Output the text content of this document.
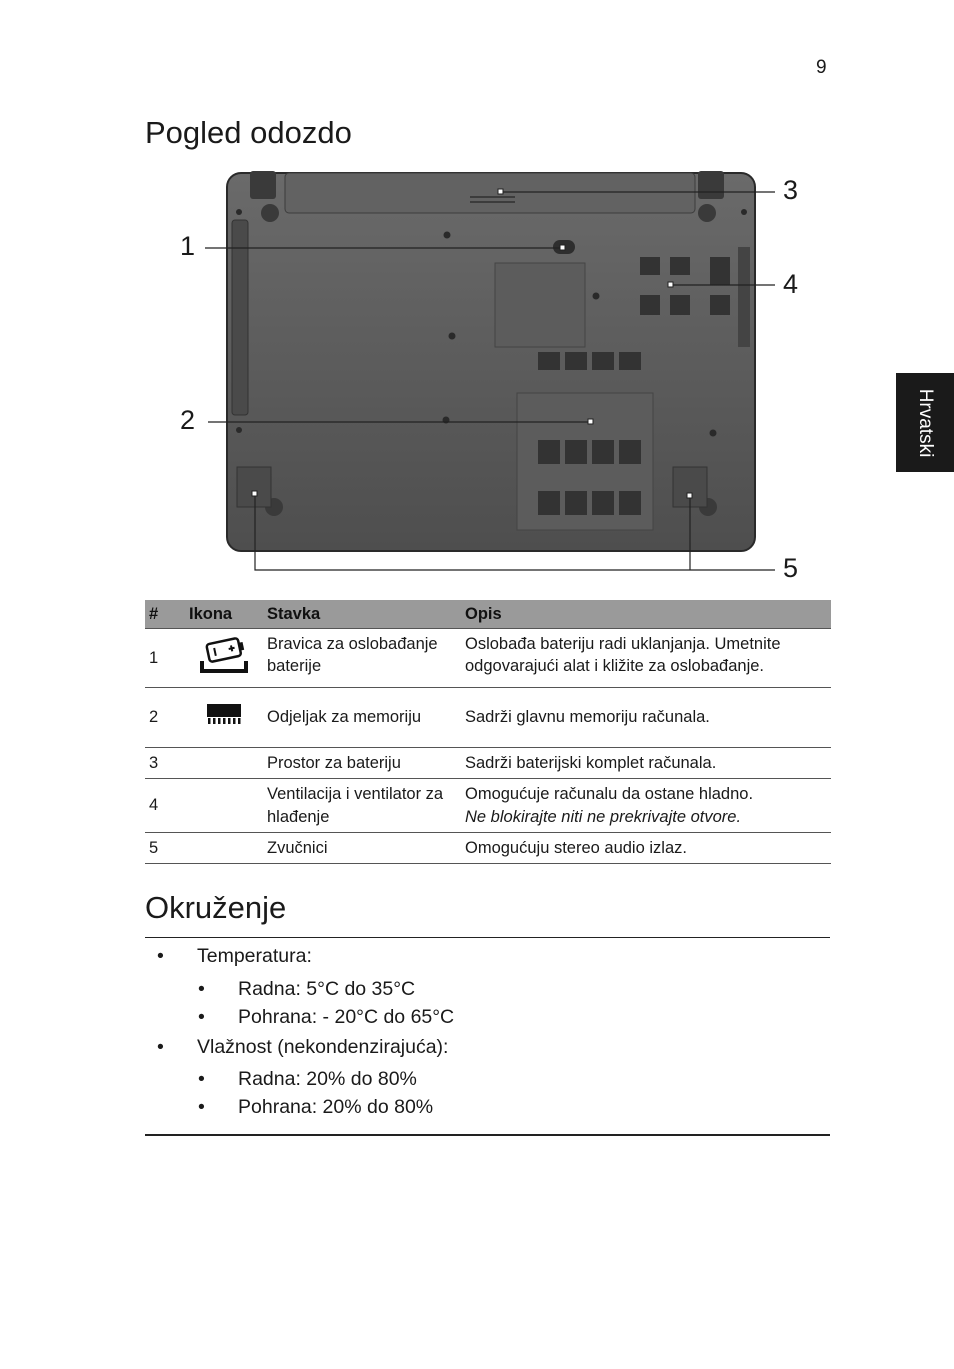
9
Pogled odozdo
Hrvatski
1
2
3
4
5
#	Ikona	Stavka	Opis
1		Bravica za oslobađanje baterije	Oslobađa bateriju radi uklanjanja. Umetnite odgovarajući alat i kližite za oslobađanje.
2		Odjeljak za memoriju	Sadrži glavnu memoriju računala.
3		Prostor za bateriju	Sadrži baterijski komplet računala.
4		Ventilacija i ventilator za hlađenje	Omogućuje računalu da ostane hladno.
Ne blokirajte niti ne prekrivajte otvore.

5		Zvučnici	Omogućuju stereo audio izlaz.
Okruženje
• Temperatura:
• Radna: 5°C do 35°C
• Pohrana: - 20°C do 65°C
• Vlažnost (nekondenzirajuća):
• Radna: 20% do 80%
• Pohrana: 20% do 80%
